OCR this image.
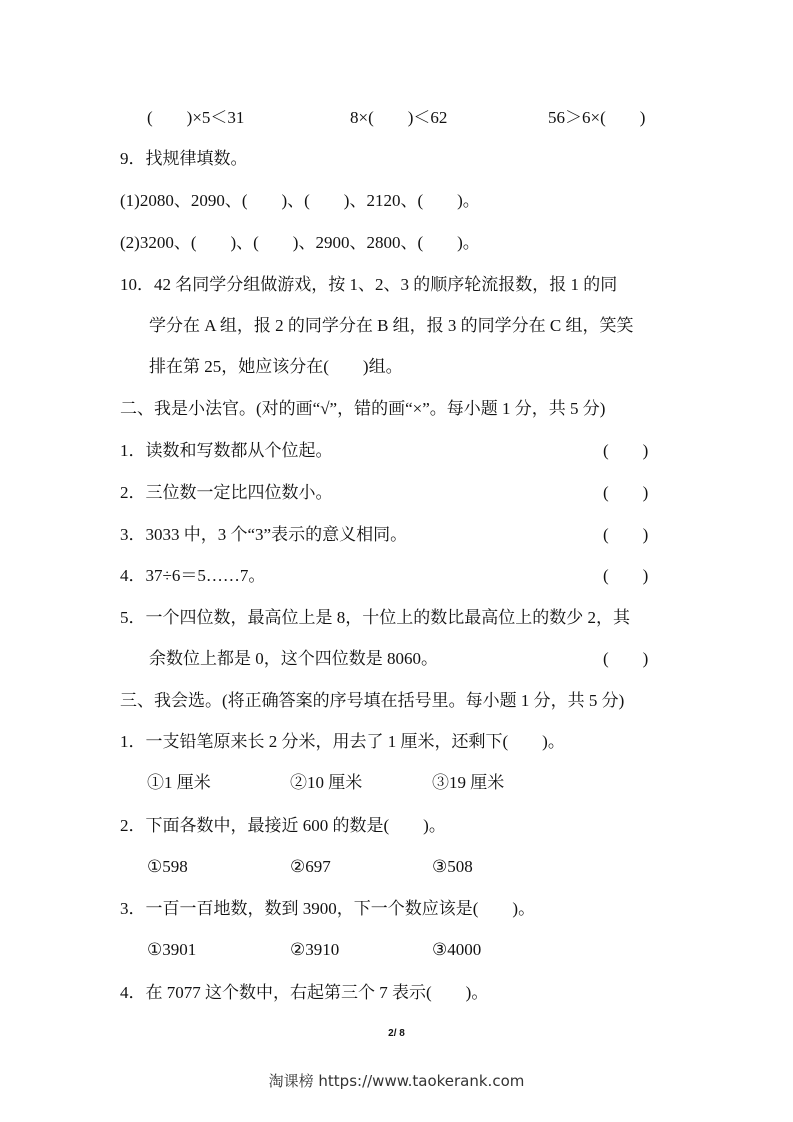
(　　)×5＜31	8×(　　)＜62	56＞6×(　　)
9．找规律填数。
(1)2080、2090、(　　)、(　　)、2120、(　　)。
(2)3200、(　　)、(　　)、2900、2800、(　　)。
10．42 名同学分组做游戏，按 1、2、3 的顺序轮流报数，报 1 的同
学分在 A 组，报 2 的同学分在 B 组，报 3 的同学分在 C 组，笑笑
排在第 25，她应该分在(　　)组。
二、我是小法官。(对的画“√”，错的画“×”。每小题 1 分，共 5 分)
1．读数和写数都从个位起。	(　　)
2．三位数一定比四位数小。	(　　)
3．3033 中，3 个“3”表示的意义相同。	(　　)
4．37÷6＝5……7。	(　　)
5．一个四位数，最高位上是 8，十位上的数比最高位上的数少 2，其
余数位上都是 0，这个四位数是 8060。	(　　)
三、我会选。(将正确答案的序号填在括号里。每小题 1 分，共 5 分)
1．一支铅笔原来长 2 分米，用去了 1 厘米，还剩下(　　)。
①1 厘米	②10 厘米	③19 厘米
2．下面各数中，最接近 600 的数是(　　)。
①598	②697	③508
3．一百一百地数，数到 3900，下一个数应该是(　　)。
①3901	②3910	③4000
4．在 7077 这个数中，右起第三个 7 表示(　　)。
2/ 8
淘课榜 https://www.taokerank.com
